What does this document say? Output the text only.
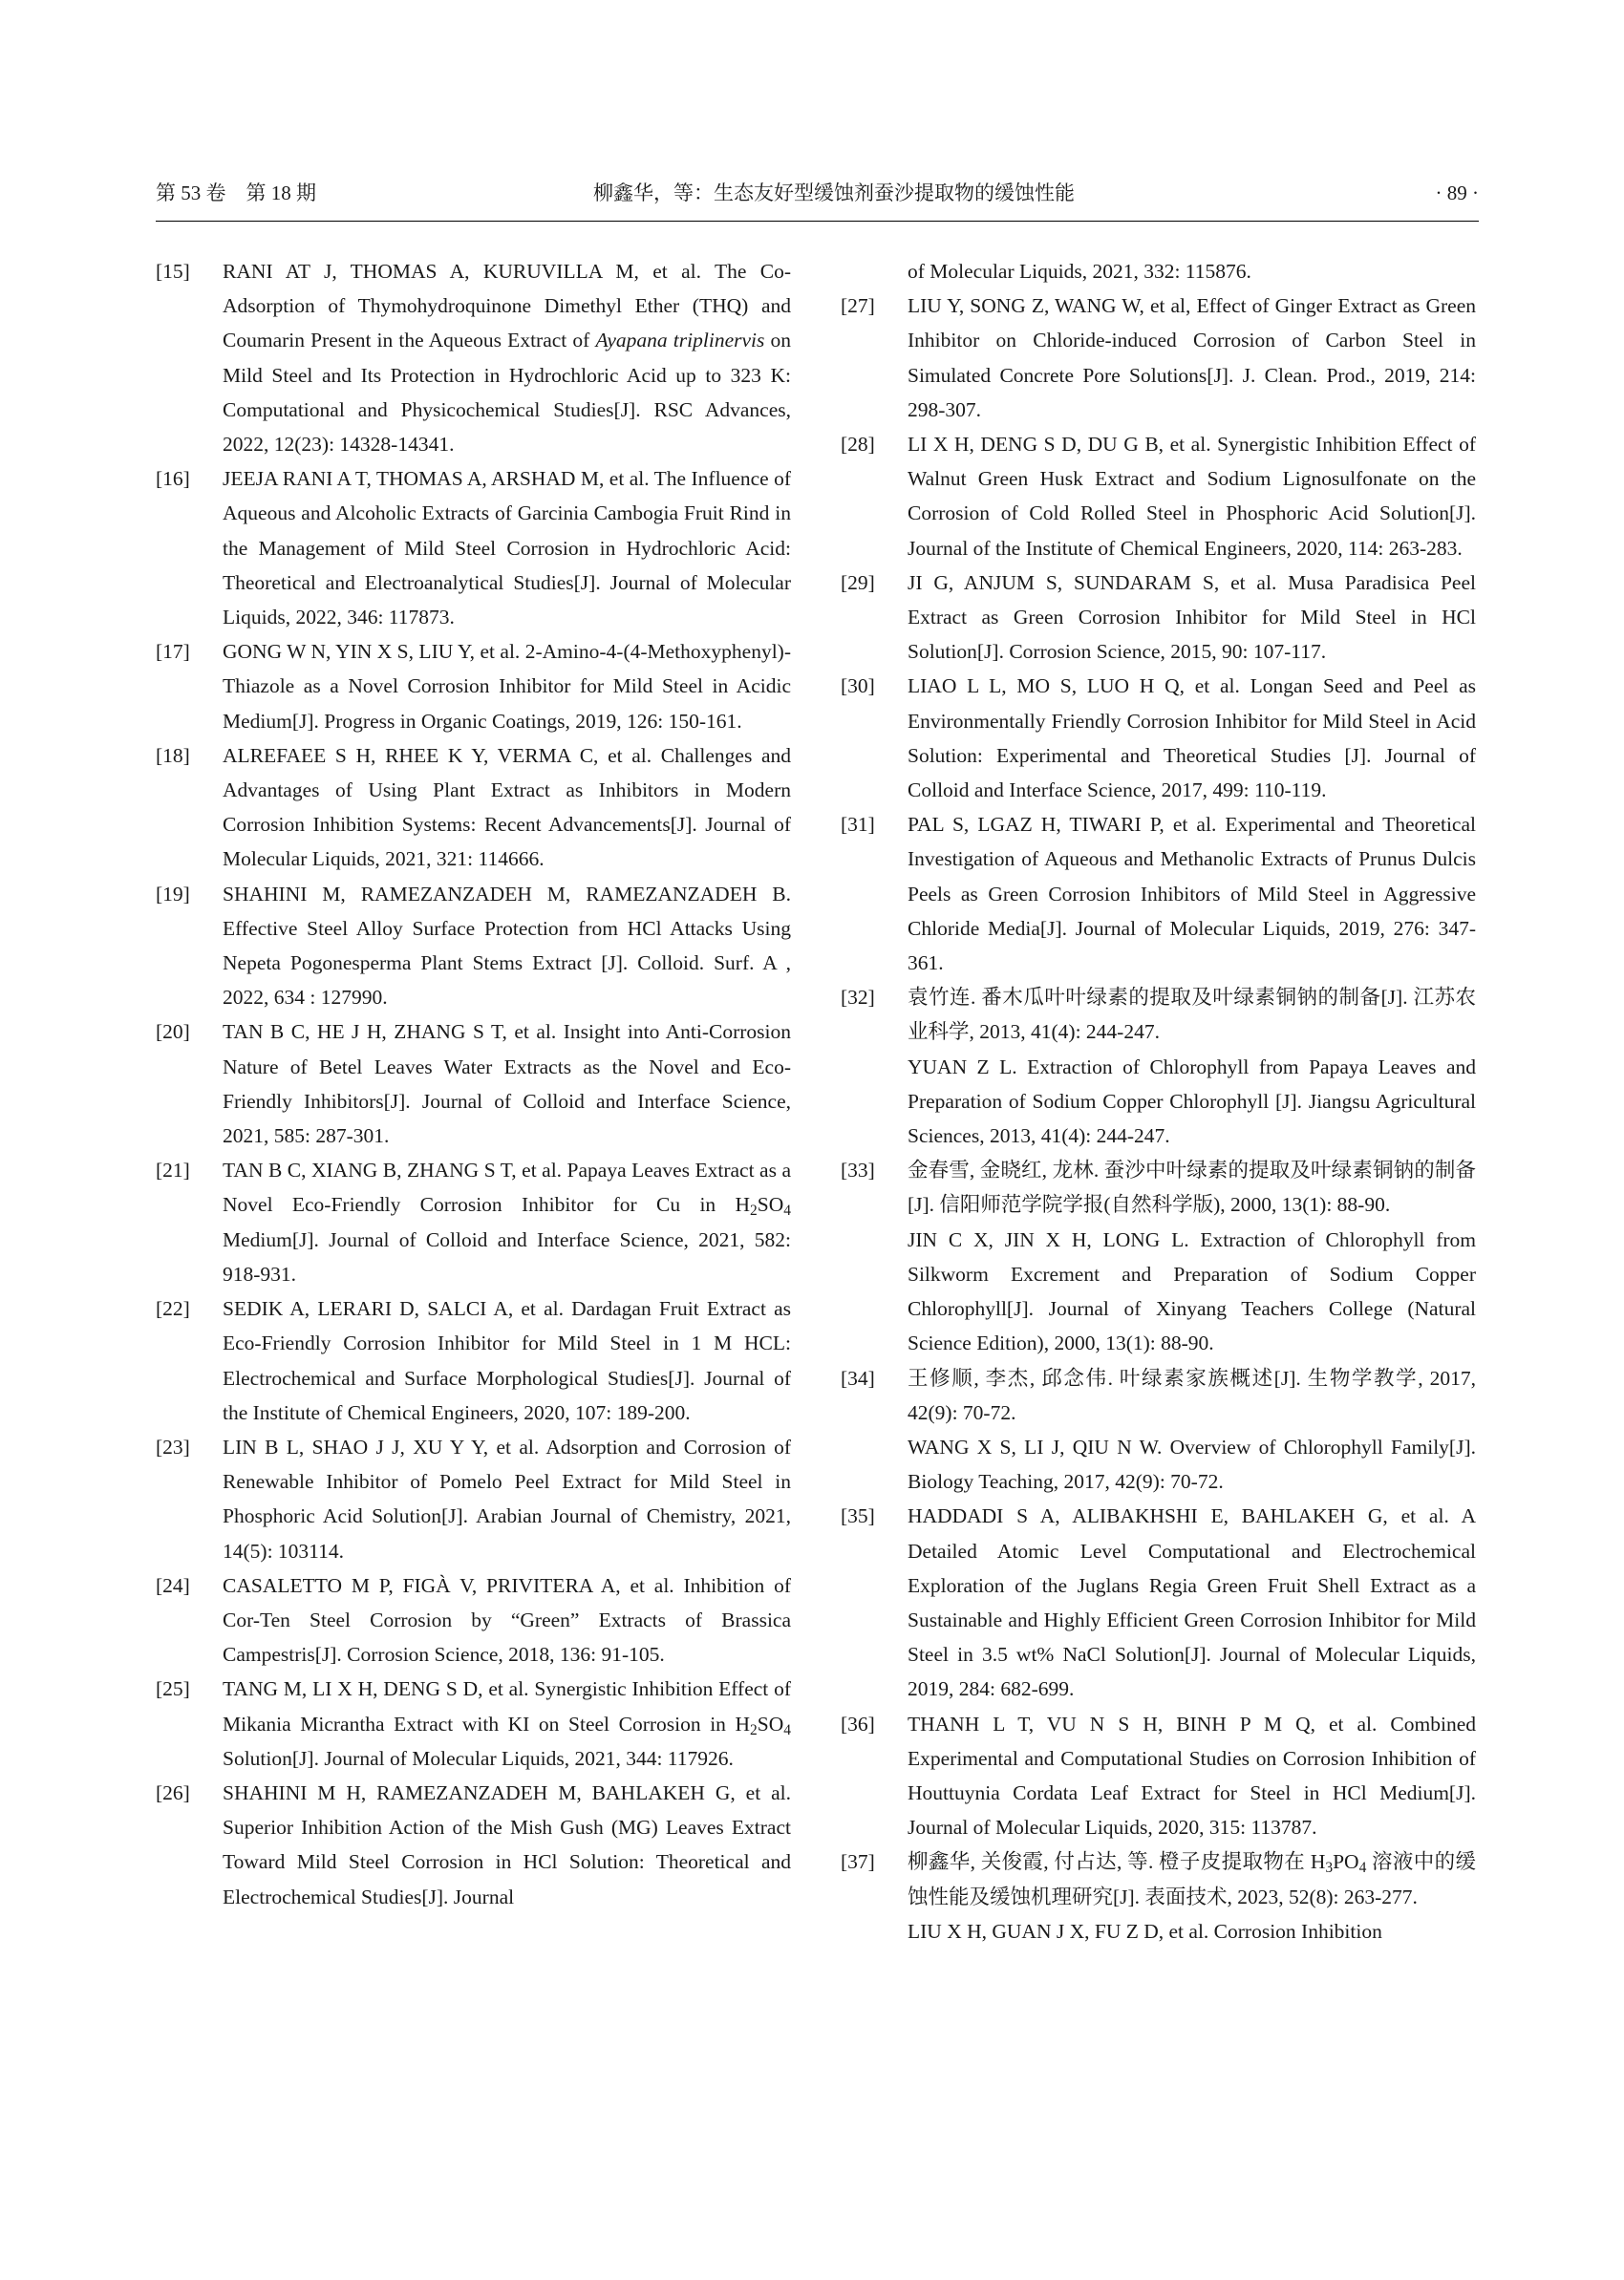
第 53 卷　第 18 期	柳鑫华，等：生态友好型缓蚀剂蚕沙提取物的缓蚀性能	· 89 ·
[15] RANI AT J, THOMAS A, KURUVILLA M, et al. The Co-Adsorption of Thymohydroquinone Dimethyl Ether (THQ) and Coumarin Present in the Aqueous Extract of Ayapana triplinervis on Mild Steel and Its Protection in Hydrochloric Acid up to 323 K: Computational and Physicochemical Studies[J]. RSC Advances, 2022, 12(23): 14328-14341.

[16] JEEJA RANI A T, THOMAS A, ARSHAD M, et al. The Influence of Aqueous and Alcoholic Extracts of Garcinia Cambogia Fruit Rind in the Management of Mild Steel Corrosion in Hydrochloric Acid: Theoretical and Electroanalytical Studies[J]. Journal of Molecular Liquids, 2022, 346: 117873.

[17] GONG W N, YIN X S, LIU Y, et al. 2-Amino-4-(4-Methoxyphenyl)-Thiazole as a Novel Corrosion Inhibitor for Mild Steel in Acidic Medium[J]. Progress in Organic Coatings, 2019, 126: 150-161.

[18] ALREFAEE S H, RHEE K Y, VERMA C, et al. Challenges and Advantages of Using Plant Extract as Inhibitors in Modern Corrosion Inhibition Systems: Recent Advancements[J]. Journal of Molecular Liquids, 2021, 321: 114666.

[19] SHAHINI M, RAMEZANZADEH M, RAMEZANZADEH B. Effective Steel Alloy Surface Protection from HCl Attacks Using Nepeta Pogonesperma Plant Stems Extract [J]. Colloid. Surf. A , 2022, 634 : 127990.

[20] TAN B C, HE J H, ZHANG S T, et al. Insight into Anti-Corrosion Nature of Betel Leaves Water Extracts as the Novel and Eco-Friendly Inhibitors[J]. Journal of Colloid and Interface Science, 2021, 585: 287-301.

[21] TAN B C, XIANG B, ZHANG S T, et al. Papaya Leaves Extract as a Novel Eco-Friendly Corrosion Inhibitor for Cu in $H_2SO_4$ Medium[J]. Journal of Colloid and Interface Science, 2021, 582: 918-931.

[22] SEDIK A, LERARI D, SALCI A, et al. Dardagan Fruit Extract as Eco-Friendly Corrosion Inhibitor for Mild Steel in 1 M HCL: Electrochemical and Surface Morphological Studies[J]. Journal of the Institute of Chemical Engineers, 2020, 107: 189-200.

[23] LIN B L, SHAO J J, XU Y Y, et al. Adsorption and Corrosion of Renewable Inhibitor of Pomelo Peel Extract for Mild Steel in Phosphoric Acid Solution[J]. Arabian Journal of Chemistry, 2021, 14(5): 103114.

[24] CASALETTO M P, FIGÀ V, PRIVITERA A, et al. Inhibition of Cor-Ten Steel Corrosion by “Green” Extracts of Brassica Campestris[J]. Corrosion Science, 2018, 136: 91-105.

[25] TANG M, LI X H, DENG S D, et al. Synergistic Inhibition Effect of Mikania Micrantha Extract with KI on Steel Corrosion in $H_2SO_4$ Solution[J]. Journal of Molecular Liquids, 2021, 344: 117926.

[26] SHAHINI M H, RAMEZANZADEH M, BAHLAKEH G, et al. Superior Inhibition Action of the Mish Gush (MG) Leaves Extract Toward Mild Steel Corrosion in HCl Solution: Theoretical and Electrochemical Studies[J]. Journal

of Molecular Liquids, 2021, 332: 115876.

[27] LIU Y, SONG Z, WANG W, et al, Effect of Ginger Extract as Green Inhibitor on Chloride-induced Corrosion of Carbon Steel in Simulated Concrete Pore Solutions[J]. J. Clean. Prod., 2019, 214: 298-307.

[28] LI X H, DENG S D, DU G B, et al. Synergistic Inhibition Effect of Walnut Green Husk Extract and Sodium Lignosulfonate on the Corrosion of Cold Rolled Steel in Phosphoric Acid Solution[J]. Journal of the Institute of Chemical Engineers, 2020, 114: 263-283.

[29] JI G, ANJUM S, SUNDARAM S, et al. Musa Paradisica Peel Extract as Green Corrosion Inhibitor for Mild Steel in HCl Solution[J]. Corrosion Science, 2015, 90: 107-117.

[30] LIAO L L, MO S, LUO H Q, et al. Longan Seed and Peel as Environmentally Friendly Corrosion Inhibitor for Mild Steel in Acid Solution: Experimental and Theoretical Studies [J]. Journal of Colloid and Interface Science, 2017, 499: 110-119.

[31] PAL S, LGAZ H, TIWARI P, et al. Experimental and Theoretical Investigation of Aqueous and Methanolic Extracts of Prunus Dulcis Peels as Green Corrosion Inhibitors of Mild Steel in Aggressive Chloride Media[J]. Journal of Molecular Liquids, 2019, 276: 347-361.

[32] 袁竹连. 番木瓜叶叶绿素的提取及叶绿素铜钠的制备[J]. 江苏农业科学, 2013, 41(4): 244-247.

YUAN Z L. Extraction of Chlorophyll from Papaya Leaves and Preparation of Sodium Copper Chlorophyll [J]. Jiangsu Agricultural Sciences, 2013, 41(4): 244-247.

[33] 金春雪, 金晓红, 龙林. 蚕沙中叶绿素的提取及叶绿素铜钠的制备[J]. 信阳师范学院学报(自然科学版), 2000, 13(1): 88-90.

JIN C X, JIN X H, LONG L. Extraction of Chlorophyll from Silkworm Excrement and Preparation of Sodium Copper Chlorophyll[J]. Journal of Xinyang Teachers College (Natural Science Edition), 2000, 13(1): 88-90.

[34] 王修顺, 李杰, 邱念伟. 叶绿素家族概述[J]. 生物学教学, 2017, 42(9): 70-72.

WANG X S, LI J, QIU N W. Overview of Chlorophyll Family[J]. Biology Teaching, 2017, 42(9): 70-72.

[35] HADDADI S A, ALIBAKHSHI E, BAHLAKEH G, et al. A Detailed Atomic Level Computational and Electrochemical Exploration of the Juglans Regia Green Fruit Shell Extract as a Sustainable and Highly Efficient Green Corrosion Inhibitor for Mild Steel in 3.5 wt% NaCl Solution[J]. Journal of Molecular Liquids, 2019, 284: 682-699.

[36] THANH L T, VU N S H, BINH P M Q, et al. Combined Experimental and Computational Studies on Corrosion Inhibition of Houttuynia Cordata Leaf Extract for Steel in HCl Medium[J]. Journal of Molecular Liquids, 2020, 315: 113787.

[37] 柳鑫华, 关俊霞, 付占达, 等. 橙子皮提取物在 $H_3PO_4$ 溶液中的缓蚀性能及缓蚀机理研究[J]. 表面技术, 2023, 52(8): 263-277.

LIU X H, GUAN J X, FU Z D, et al. Corrosion Inhibition
